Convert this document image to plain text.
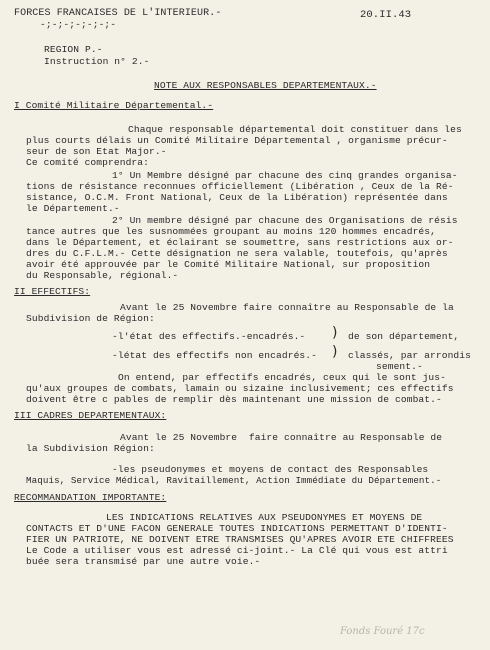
FORCES FRANCAISES DE L'INTERIEUR.-
-;-;-;-;-;-;-
20.II.43
REGION P.-
Instruction n° 2.-
NOTE AUX RESPONSABLES DEPARTEMENTAUX.-
I Comité Militaire Départemental.-
Chaque responsable départemental doit constituer dans les
plus courts délais un Comité Militaire Départemental , organisme précur-
seur de son Etat Major.-
Ce comité comprendra:
1° Un Membre désigné par chacune des cinq grandes organisa-
tions de résistance reconnues officiellement (Libération , Ceux de la Ré-
sistance, O.C.M. Front National, Ceux de la Libération) représentée dans
le Département.-
2° Un membre désigné par chacune des Organisations de résis
tance autres que les susnommées groupant au moins 120 hommes encadrés,
dans le Département, et éclairant se soumettre, sans restrictions aux or-
dres du C.F.L.M.- Cette désignation ne sera valable, toutefois, qu'après
avoir été approuvée par le Comité Militaire National, sur proposition
du Responsable, régional.-
II EFFECTIFS:
Avant le 25 Novembre faire connaître au Responsable de la
Subdivision de Région:
-l'état des effectifs.-encadrés.-
-létat des effectifs non encadrés.-
)
)
de son département,
classés, par arrondis
sement.-
On entend, par effectifs encadrés, ceux qui le sont jus-
qu'aux groupes de combats, lamain ou sizaine inclusivement; ces effectifs
doivent être c pables de remplir dès maintenant une mission de combat.-
III CADRES DEPARTEMENTAUX:
Avant le 25 Novembre  faire connaître au Responsable de
la Subdivision Région:
-les pseudonymes et moyens de contact des Responsables
Maquis, Service Médical, Ravitaillement, Action Immédiate du Département.-
RECOMMANDATION IMPORTANTE:
LES INDICATIONS RELATIVES AUX PSEUDONYMES ET MOYENS DE
CONTACTS ET D'UNE FACON GENERALE TOUTES INDICATIONS PERMETTANT D'IDENTI-
FIER UN PATRIOTE, NE DOIVENT ETRE TRANSMISES QU'APRES AVOIR ETE CHIFFREES
Le Code a utiliser vous est adressé ci-joint.- La Clé qui vous est attri
buée sera transmisé par une autre voie.-
Fonds Fouré 17c
